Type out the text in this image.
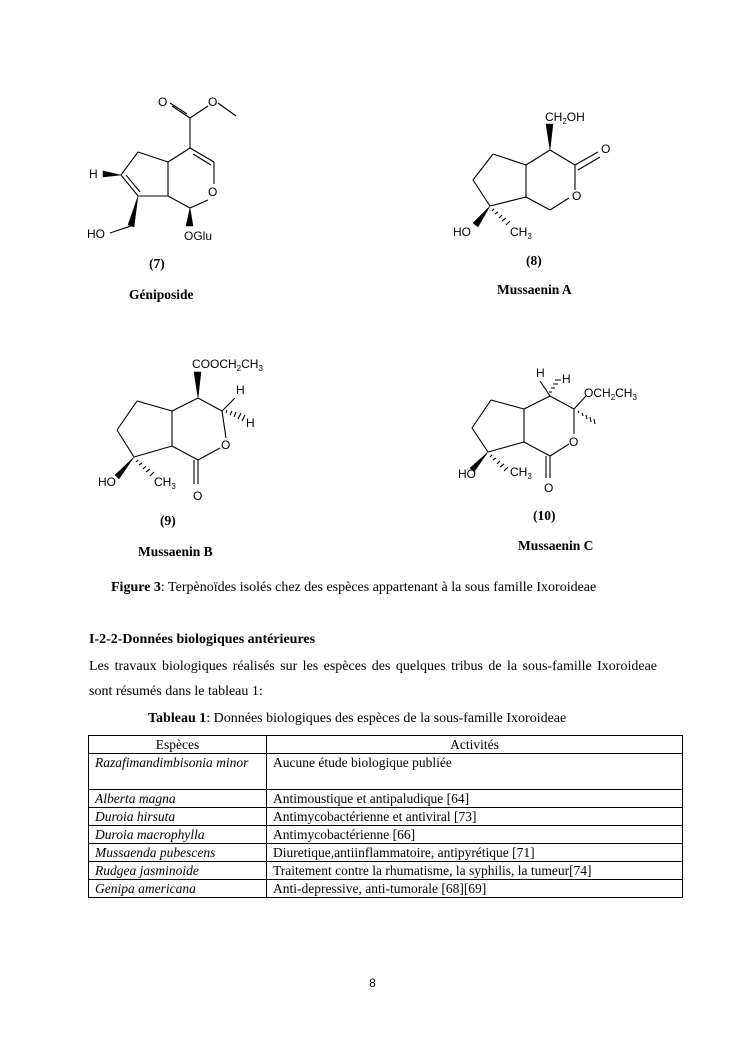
O	O
O
H
HO	OGlu
$CH_2OH$
O
O
HO	$CH_3$
$COOCH_2CH_3$
H
H
O
O
HO	$CH_3$
H H
$OCH_2CH_3$
O
O
HO	$CH_3$
(7)
Géniposide
(8)
Mussaenin A
(9)
Mussaenin B
(10)
Mussaenin C
Figure 3: Terpènoïdes isolés chez des espèces appartenant à la sous famille Ixoroideae
I-2-2-Données biologiques antérieures
Les travaux biologiques réalisés sur les espèces des quelques tribus de la sous-famille Ixoroideae sont résumés dans le tableau 1:
Tableau 1: Données biologiques des espèces de la sous-famille Ixoroideae
Espèces	Activités
Razafimandimbisonia minor	Aucune étude biologique publiée
Alberta magna	Antimoustique et antipaludique [64]
Duroia hirsuta	Antimycobactérienne et antiviral [73]
Duroia macrophylla	Antimycobactérienne [66]
Mussaenda pubescens	Diuretique,antiinflammatoire, antipyrétique [71]
Rudgea jasminoide	Traitement contre la rhumatisme, la syphilis, la tumeur[74]
Genipa americana	Anti-depressive, anti-tumorale [68][69]
8
